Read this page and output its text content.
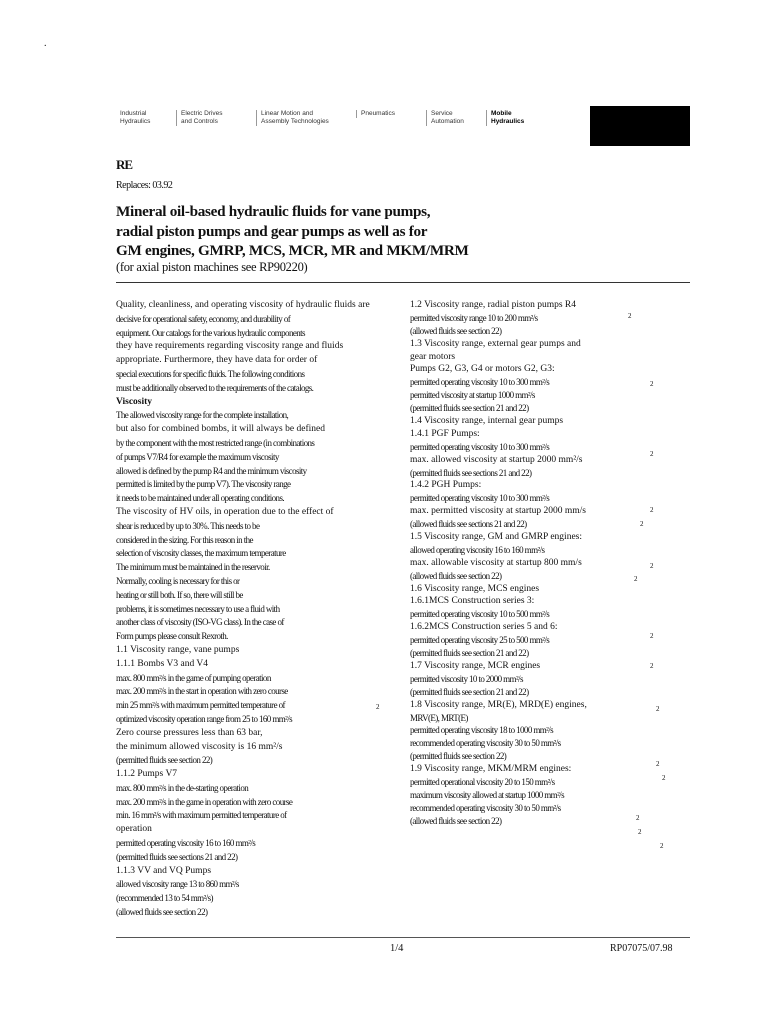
.
Industrial
Hydraulics
Electric Drives
and Controls
Linear Motion and
Assembly Technologies
Pneumatics	Service
Automation
Mobile
Hydraulics
RE
Replaces: 03.92
Mineral oil-based hydraulic fluids for vane pumps,
radial piston pumps and gear pumps as well as for
GM engines, GMRP, MCS, MCR, MR and MKM/MRM
(for axial piston machines see RP90220)
Quality, cleanliness, and operating viscosity of hydraulic fluids are
decisive for operational safety, economy, and durability of
equipment. Our catalogs for the various hydraulic components
they have requirements regarding viscosity range and fluids
appropriate. Furthermore, they have data for order of
special executions for specific fluids. The following conditions
must be additionally observed to the requirements of the catalogs.
Viscosity
The allowed viscosity range for the complete installation,
but also for combined bombs, it will always be defined
by the component with the most restricted range (in combinations
of pumps V7/R4 for example the maximum viscosity
allowed is defined by the pump R4 and the minimum viscosity
permitted is limited by the pump V7). The viscosity range
it needs to be maintained under all operating conditions.
The viscosity of HV oils, in operation due to the effect of
shear is reduced by up to 30%. This needs to be
considered in the sizing. For this reason in the
selection of viscosity classes, the maximum temperature
The minimum must be maintained in the reservoir.
Normally, cooling is necessary for this or
heating or still both. If so, there will still be
problems, it is sometimes necessary to use a fluid with
another class of viscosity (ISO-VG class). In the case of
Form pumps please consult Rexroth.
1.1 Viscosity range, vane pumps
1.1.1 Bombs V3 and V4
max. 800 mm²/s in the game of pumping operation
max. 200 mm²/s in the start in operation with zero course
min 25 mm²/s with maximum permitted temperature of
optimized viscosity operation range from 25 to 160 mm²/s
Zero course pressures less than 63 bar,
the minimum allowed viscosity is 16 mm²/s
(permitted fluids see section 22)
1.1.2 Pumps V7
max. 800 mm²/s in the de-starting operation
max. 200 mm²/s in the game in operation with zero course
min. 16 mm²/s with maximum permitted temperature of
operation
permitted operating viscosity 16 to 160 mm²/s
(permitted fluids see sections 21 and 22)
1.1.3 VV and VQ Pumps
allowed viscosity range 13 to 860 mm²/s
(recommended 13 to 54 mm²/s)
(allowed fluids see section 22)
1.2 Viscosity range, radial piston pumps R4
permitted viscosity range 10 to 200 mm²/s
(allowed fluids see section 22)
1.3 Viscosity range, external gear pumps and
gear motors
Pumps G2, G3, G4 or motors G2, G3:
permitted operating viscosity 10 to 300 mm²/s
permitted viscosity at startup 1000 mm²/s
(permitted fluids see section 21 and 22)
1.4 Viscosity range, internal gear pumps
1.4.1 PGF Pumps:
permitted operating viscosity 10 to 300 mm²/s
max. allowed viscosity at startup 2000 mm²/s
(permitted fluids see sections 21 and 22)
1.4.2 PGH Pumps:
permitted operating viscosity 10 to 300 mm²/s
max. permitted viscosity at startup 2000 mm/s
(allowed fluids see sections 21 and 22)
1.5 Viscosity range, GM and GMRP engines:
allowed operating viscosity 16 to 160 mm²/s
max. allowable viscosity at startup 800 mm/s
(allowed fluids see section 22)
1.6 Viscosity range, MCS engines
1.6.1MCS Construction series 3:
permitted operating viscosity 10 to 500 mm²/s
1.6.2MCS Construction series 5 and 6:
permitted operating viscosity 25 to 500 mm²/s
(permitted fluids see section 21 and 22)
1.7 Viscosity range, MCR engines
permitted viscosity 10 to 2000 mm²/s
(permitted fluids see section 21 and 22)
1.8 Viscosity range, MR(E), MRD(E) engines,
MRV(E), MRT(E)
permitted operating viscosity 18 to 1000 mm²/s
recommended operating viscosity 30 to 50 mm²/s
(permitted fluids see section 22)
1.9 Viscosity range, MKM/MRM engines:
permitted operational viscosity 20 to 150 mm²/s
maximum viscosity allowed at startup 1000 mm²/s
recommended operating viscosity 30 to 50 mm²/s
(allowed fluids see section 22)
2
2
2
2
2
2
2
2
2
2
2
2
2
2
2
2
1/4	RP07075/07.98
